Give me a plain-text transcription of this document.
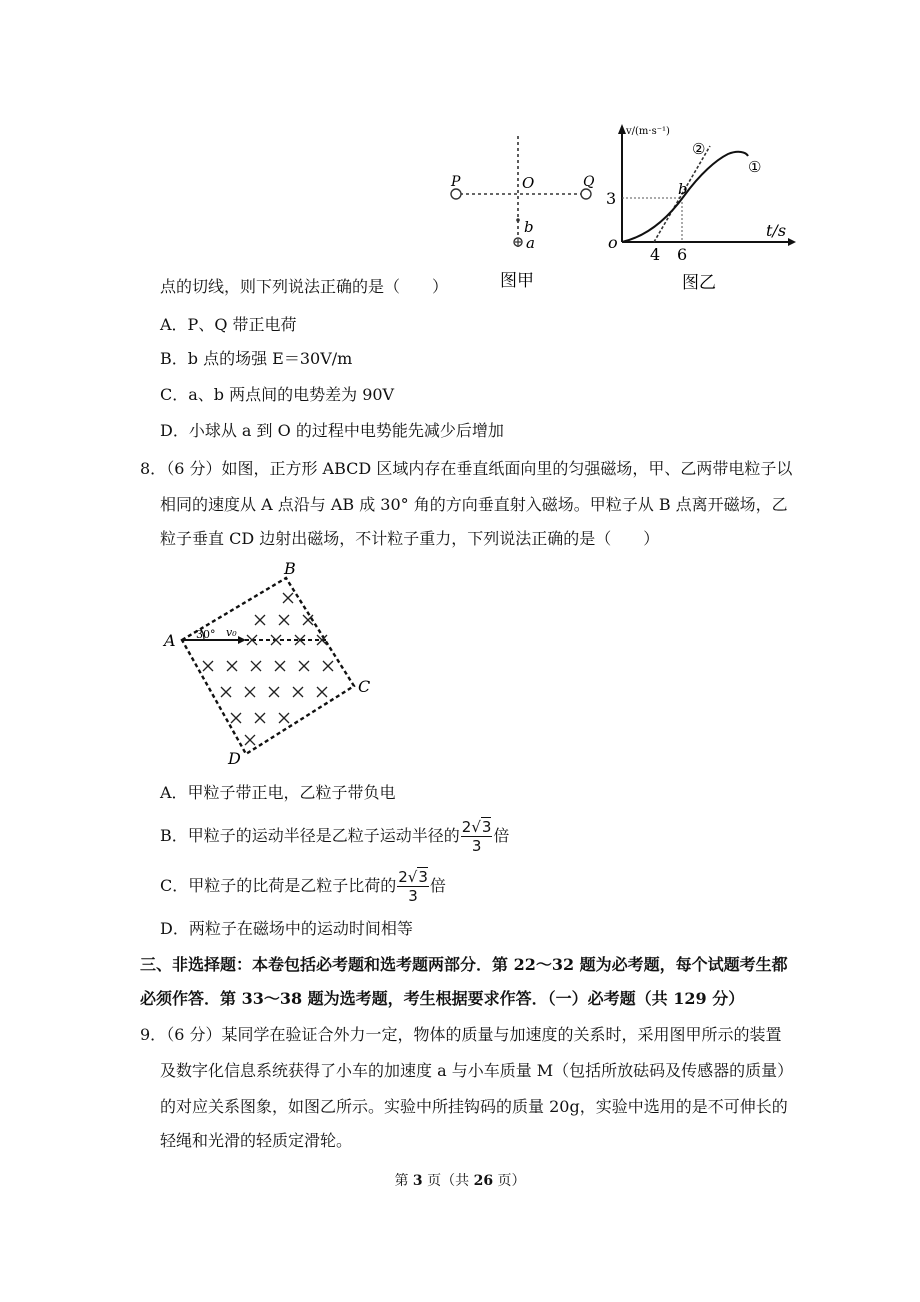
P	O	Q
b
a
图甲
v/(m·s⁻¹)
t/s
o
3
4 6
b
②
①
图乙
点的切线，则下列说法正确的是（　　）
A．P、Q 带正电荷
B．b 点的场强 E＝30V/m
C．a、b 两点间的电势差为 90V
D．小球从 a 到 O 的过程中电势能先减少后增加
8．（6 分）如图，正方形 ABCD 区域内存在垂直纸面向里的匀强磁场，甲、乙两带电粒子以
相同的速度从 A 点沿与 AB 成 30° 角的方向垂直射入磁场。甲粒子从 B 点离开磁场，乙
粒子垂直 CD 边射出磁场，不计粒子重力，下列说法正确的是（　　）
A
B
C
D
30° v₀
A．甲粒子带正电，乙粒子带负电
B．甲粒子的运动半径是乙粒子运动半径的 $\frac{2√3}{3}$ 倍
C．甲粒子的比荷是乙粒子比荷的 $\frac{2√3}{3}$ 倍
D．两粒子在磁场中的运动时间相等
三、非选择题：本卷包括必考题和选考题两部分．第 22～32 题为必考题，每个试题考生都
必须作答．第 33～38 题为选考题，考生根据要求作答．（一）必考题（共 129 分）
9．（6 分）某同学在验证合外力一定，物体的质量与加速度的关系时，采用图甲所示的装置
及数字化信息系统获得了小车的加速度 a 与小车质量 M（包括所放砝码及传感器的质量）
的对应关系图象，如图乙所示。实验中所挂钩码的质量 20g，实验中选用的是不可伸长的
轻绳和光滑的轻质定滑轮。
第 3 页（共 26 页）
